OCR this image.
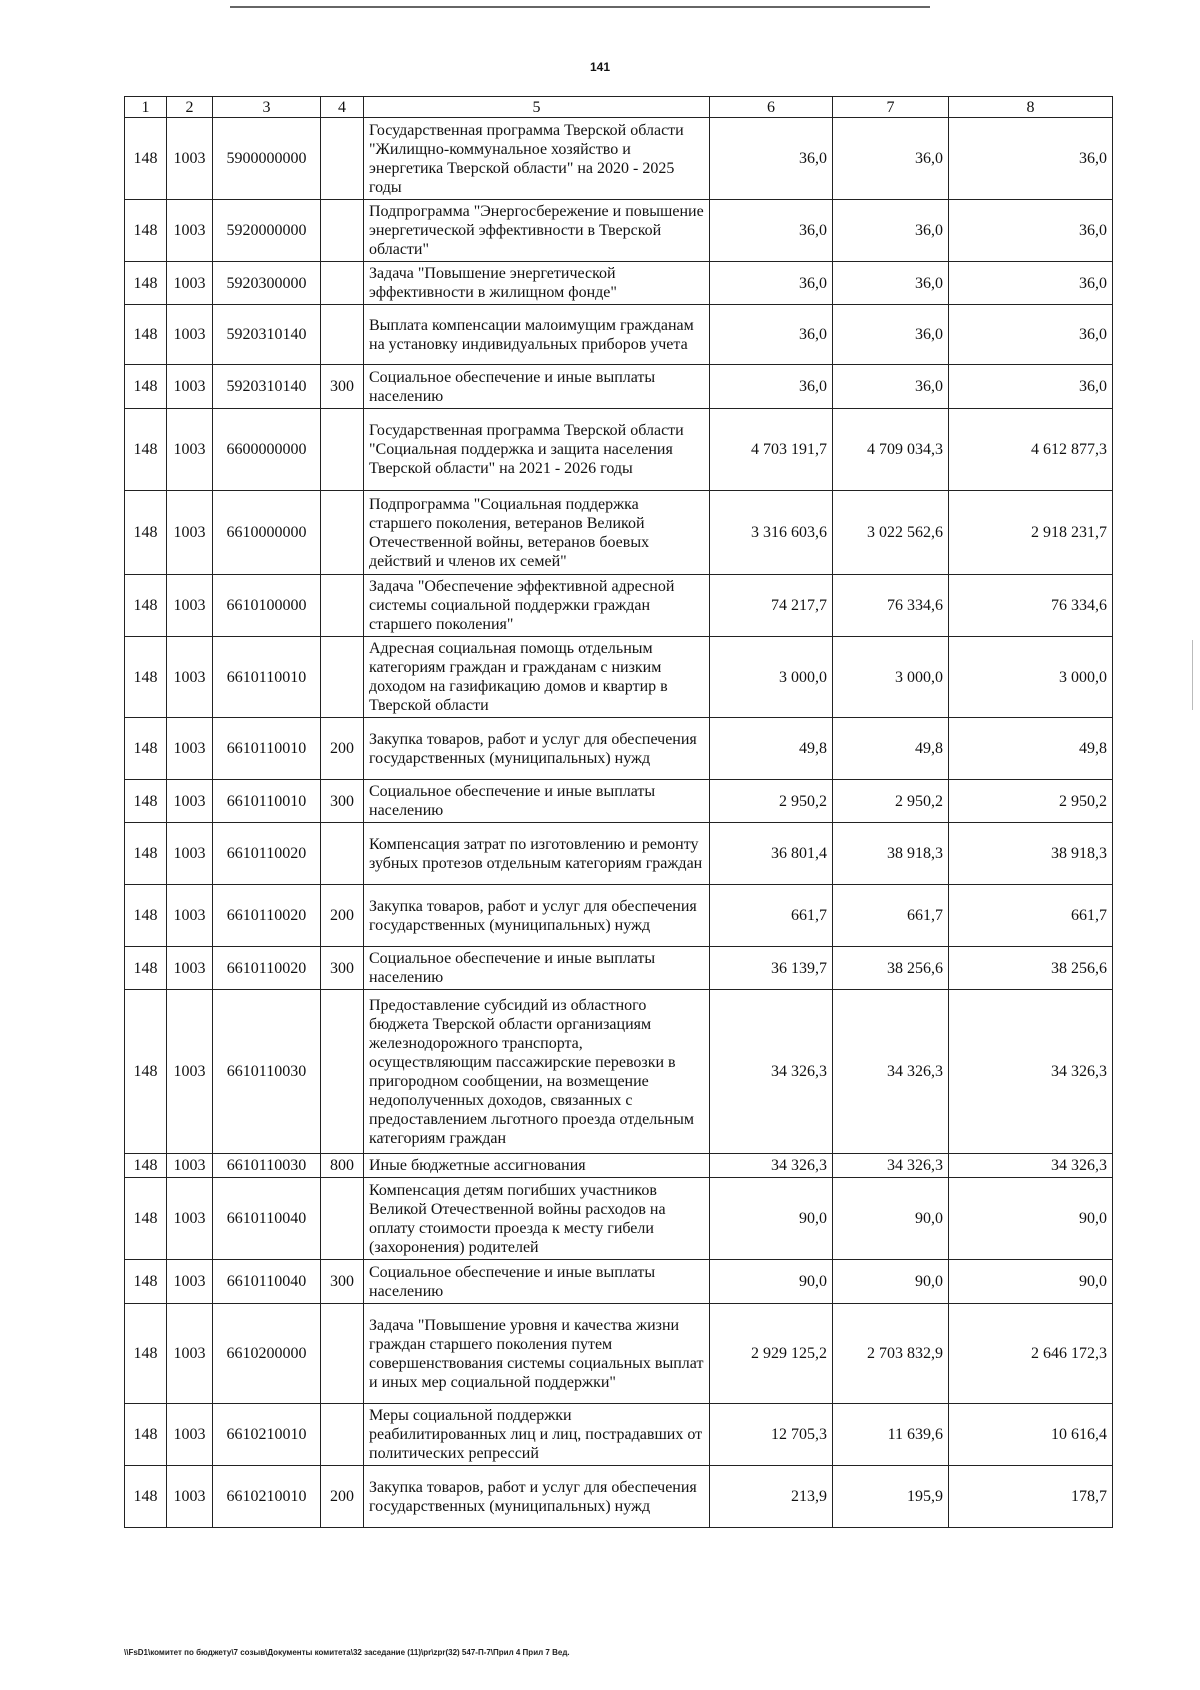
141
1	2	3	4	5	6	7	8
148	1003	5900000000		Государственная программа Тверской области "Жилищно-коммунальное хозяйство и энергетика Тверской области" на 2020 - 2025 годы	36,0	36,0	36,0
148	1003	5920000000		Подпрограмма "Энергосбережение и повышение энергетической эффективности в Тверской области"	36,0	36,0	36,0
148	1003	5920300000		Задача "Повышение энергетической эффективности в жилищном фонде"	36,0	36,0	36,0
148	1003	5920310140		Выплата компенсации малоимущим гражданам на установку индивидуальных приборов учета	36,0	36,0	36,0
148	1003	5920310140	300	Социальное обеспечение и иные выплаты населению	36,0	36,0	36,0
148	1003	6600000000		Государственная программа Тверской области "Социальная поддержка и защита населения Тверской области" на 2021 - 2026 годы	4 703 191,7	4 709 034,3	4 612 877,3
148	1003	6610000000		Подпрограмма "Социальная поддержка старшего поколения, ветеранов Великой Отечественной войны, ветеранов боевых действий и членов их семей"	3 316 603,6	3 022 562,6	2 918 231,7
148	1003	6610100000		Задача "Обеспечение эффективной адресной системы социальной поддержки граждан старшего поколения"	74 217,7	76 334,6	76 334,6
148	1003	6610110010		Адресная социальная помощь отдельным категориям граждан и гражданам с низким доходом на газификацию домов и квартир в Тверской области	3 000,0	3 000,0	3 000,0
148	1003	6610110010	200	Закупка товаров, работ и услуг для обеспечения государственных (муниципальных) нужд	49,8	49,8	49,8
148	1003	6610110010	300	Социальное обеспечение и иные выплаты населению	2 950,2	2 950,2	2 950,2
148	1003	6610110020		Компенсация затрат по изготовлению и ремонту зубных протезов отдельным категориям граждан	36 801,4	38 918,3	38 918,3
148	1003	6610110020	200	Закупка товаров, работ и услуг для обеспечения государственных (муниципальных) нужд	661,7	661,7	661,7
148	1003	6610110020	300	Социальное обеспечение и иные выплаты населению	36 139,7	38 256,6	38 256,6
148	1003	6610110030		Предоставление субсидий из областного бюджета Тверской области организациям железнодорожного транспорта, осуществляющим пассажирские перевозки в пригородном сообщении, на возмещение недополученных доходов, связанных с предоставлением льготного проезда отдельным категориям граждан	34 326,3	34 326,3	34 326,3
148	1003	6610110030	800	Иные бюджетные ассигнования	34 326,3	34 326,3	34 326,3
148	1003	6610110040		Компенсация детям погибших участников Великой Отечественной войны расходов на оплату стоимости проезда к месту гибели (захоронения) родителей	90,0	90,0	90,0
148	1003	6610110040	300	Социальное обеспечение и иные выплаты населению	90,0	90,0	90,0
148	1003	6610200000		Задача "Повышение уровня и качества жизни граждан старшего поколения путем совершенствования системы социальных выплат и иных мер социальной поддержки"	2 929 125,2	2 703 832,9	2 646 172,3
148	1003	6610210010		Меры социальной поддержки реабилитированных лиц и лиц, пострадавших от политических репрессий	12 705,3	11 639,6	10 616,4
148	1003	6610210010	200	Закупка товаров, работ и услуг для обеспечения государственных (муниципальных) нужд	213,9	195,9	178,7
\\FsD1\комитет по бюджету\7 созыв\Документы комитета\32 заседание (11)\pr\zpr(32) 547-П-7\Прил 4 Прил 7 Вед.
